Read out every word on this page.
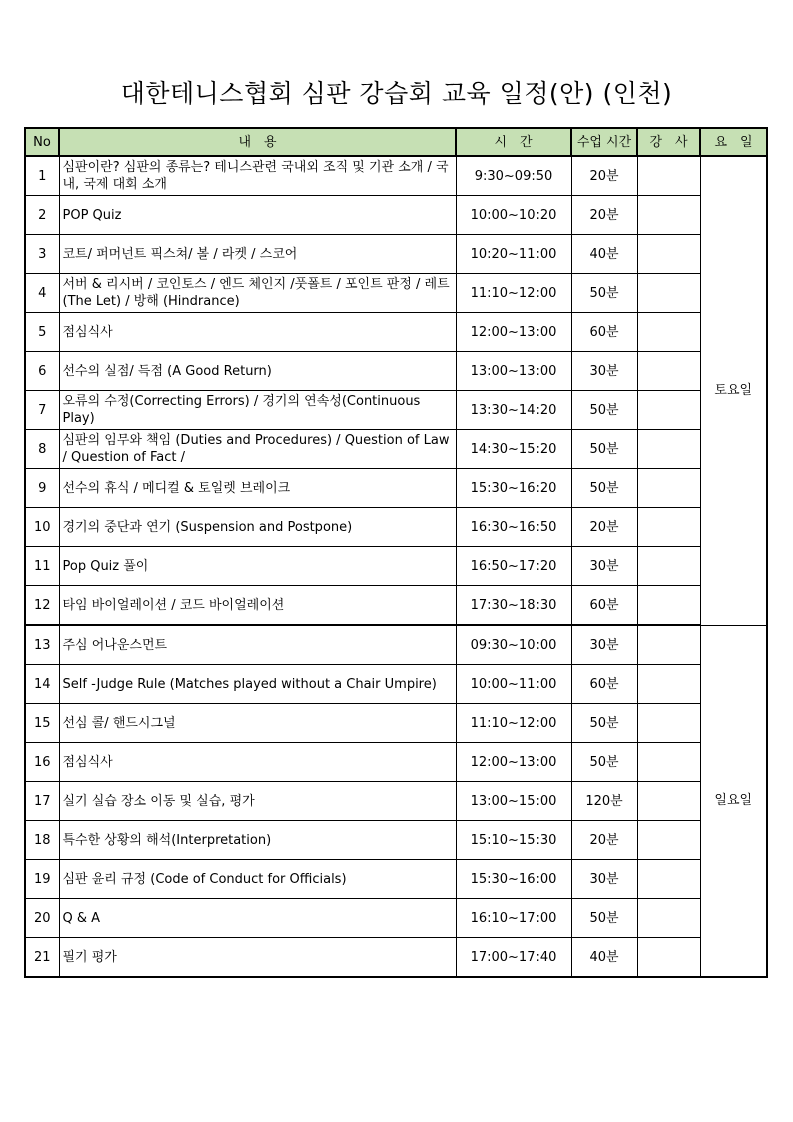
대한테니스협회 심판 강습회 교육 일정(안) (인천)
No	내　용	시　간	수업 시간	강　사	요　일
1	심판이란? 심판의 종류는? 테니스관련 국내외 조직 및 기관 소개 / 국내, 국제 대회 소개	9:30~09:50	20분		토요일
2	POP Quiz	10:00~10:20	20분		
3	코트/ 퍼머넌트 픽스쳐/ 볼 / 라켓 / 스코어	10:20~11:00	40분		
4	서버 & 리시버 / 코인토스 / 엔드 체인지 /풋폴트 / 포인트 판정 / 레트 (The Let) / 방해 (Hindrance)	11:10~12:00	50분		
5	점심식사	12:00~13:00	60분		
6	선수의 실점/ 득점 (A Good Return)	13:00~13:00	30분		
7	오류의 수정(Correcting Errors) / 경기의 연속성(Continuous Play)	13:30~14:20	50분		
8	심판의 임무와 책임 (Duties and Procedures) / Question of Law / Question of Fact /	14:30~15:20	50분		
9	선수의 휴식 / 메디컬 & 토일렛 브레이크	15:30~16:20	50분		
10	경기의 중단과 연기 (Suspension and Postpone)	16:30~16:50	20분		
11	Pop Quiz 풀이	16:50~17:20	30분		
12	타임 바이얼레이션 / 코드 바이얼레이션	17:30~18:30	60분		
13	주심 어나운스먼트	09:30~10:00	30분		일요일
14	Self -Judge Rule (Matches played without a Chair Umpire)	10:00~11:00	60분		
15	선심 콜/ 핸드시그널	11:10~12:00	50분		
16	점심식사	12:00~13:00	50분		
17	실기 실습 장소 이동 및 실습, 평가	13:00~15:00	120분		
18	특수한 상황의 해석(Interpretation)	15:10~15:30	20분		
19	심판 윤리 규정 (Code of Conduct for Officials)	15:30~16:00	30분		
20	Q & A	16:10~17:00	50분		
21	필기 평가	17:00~17:40	40분		
